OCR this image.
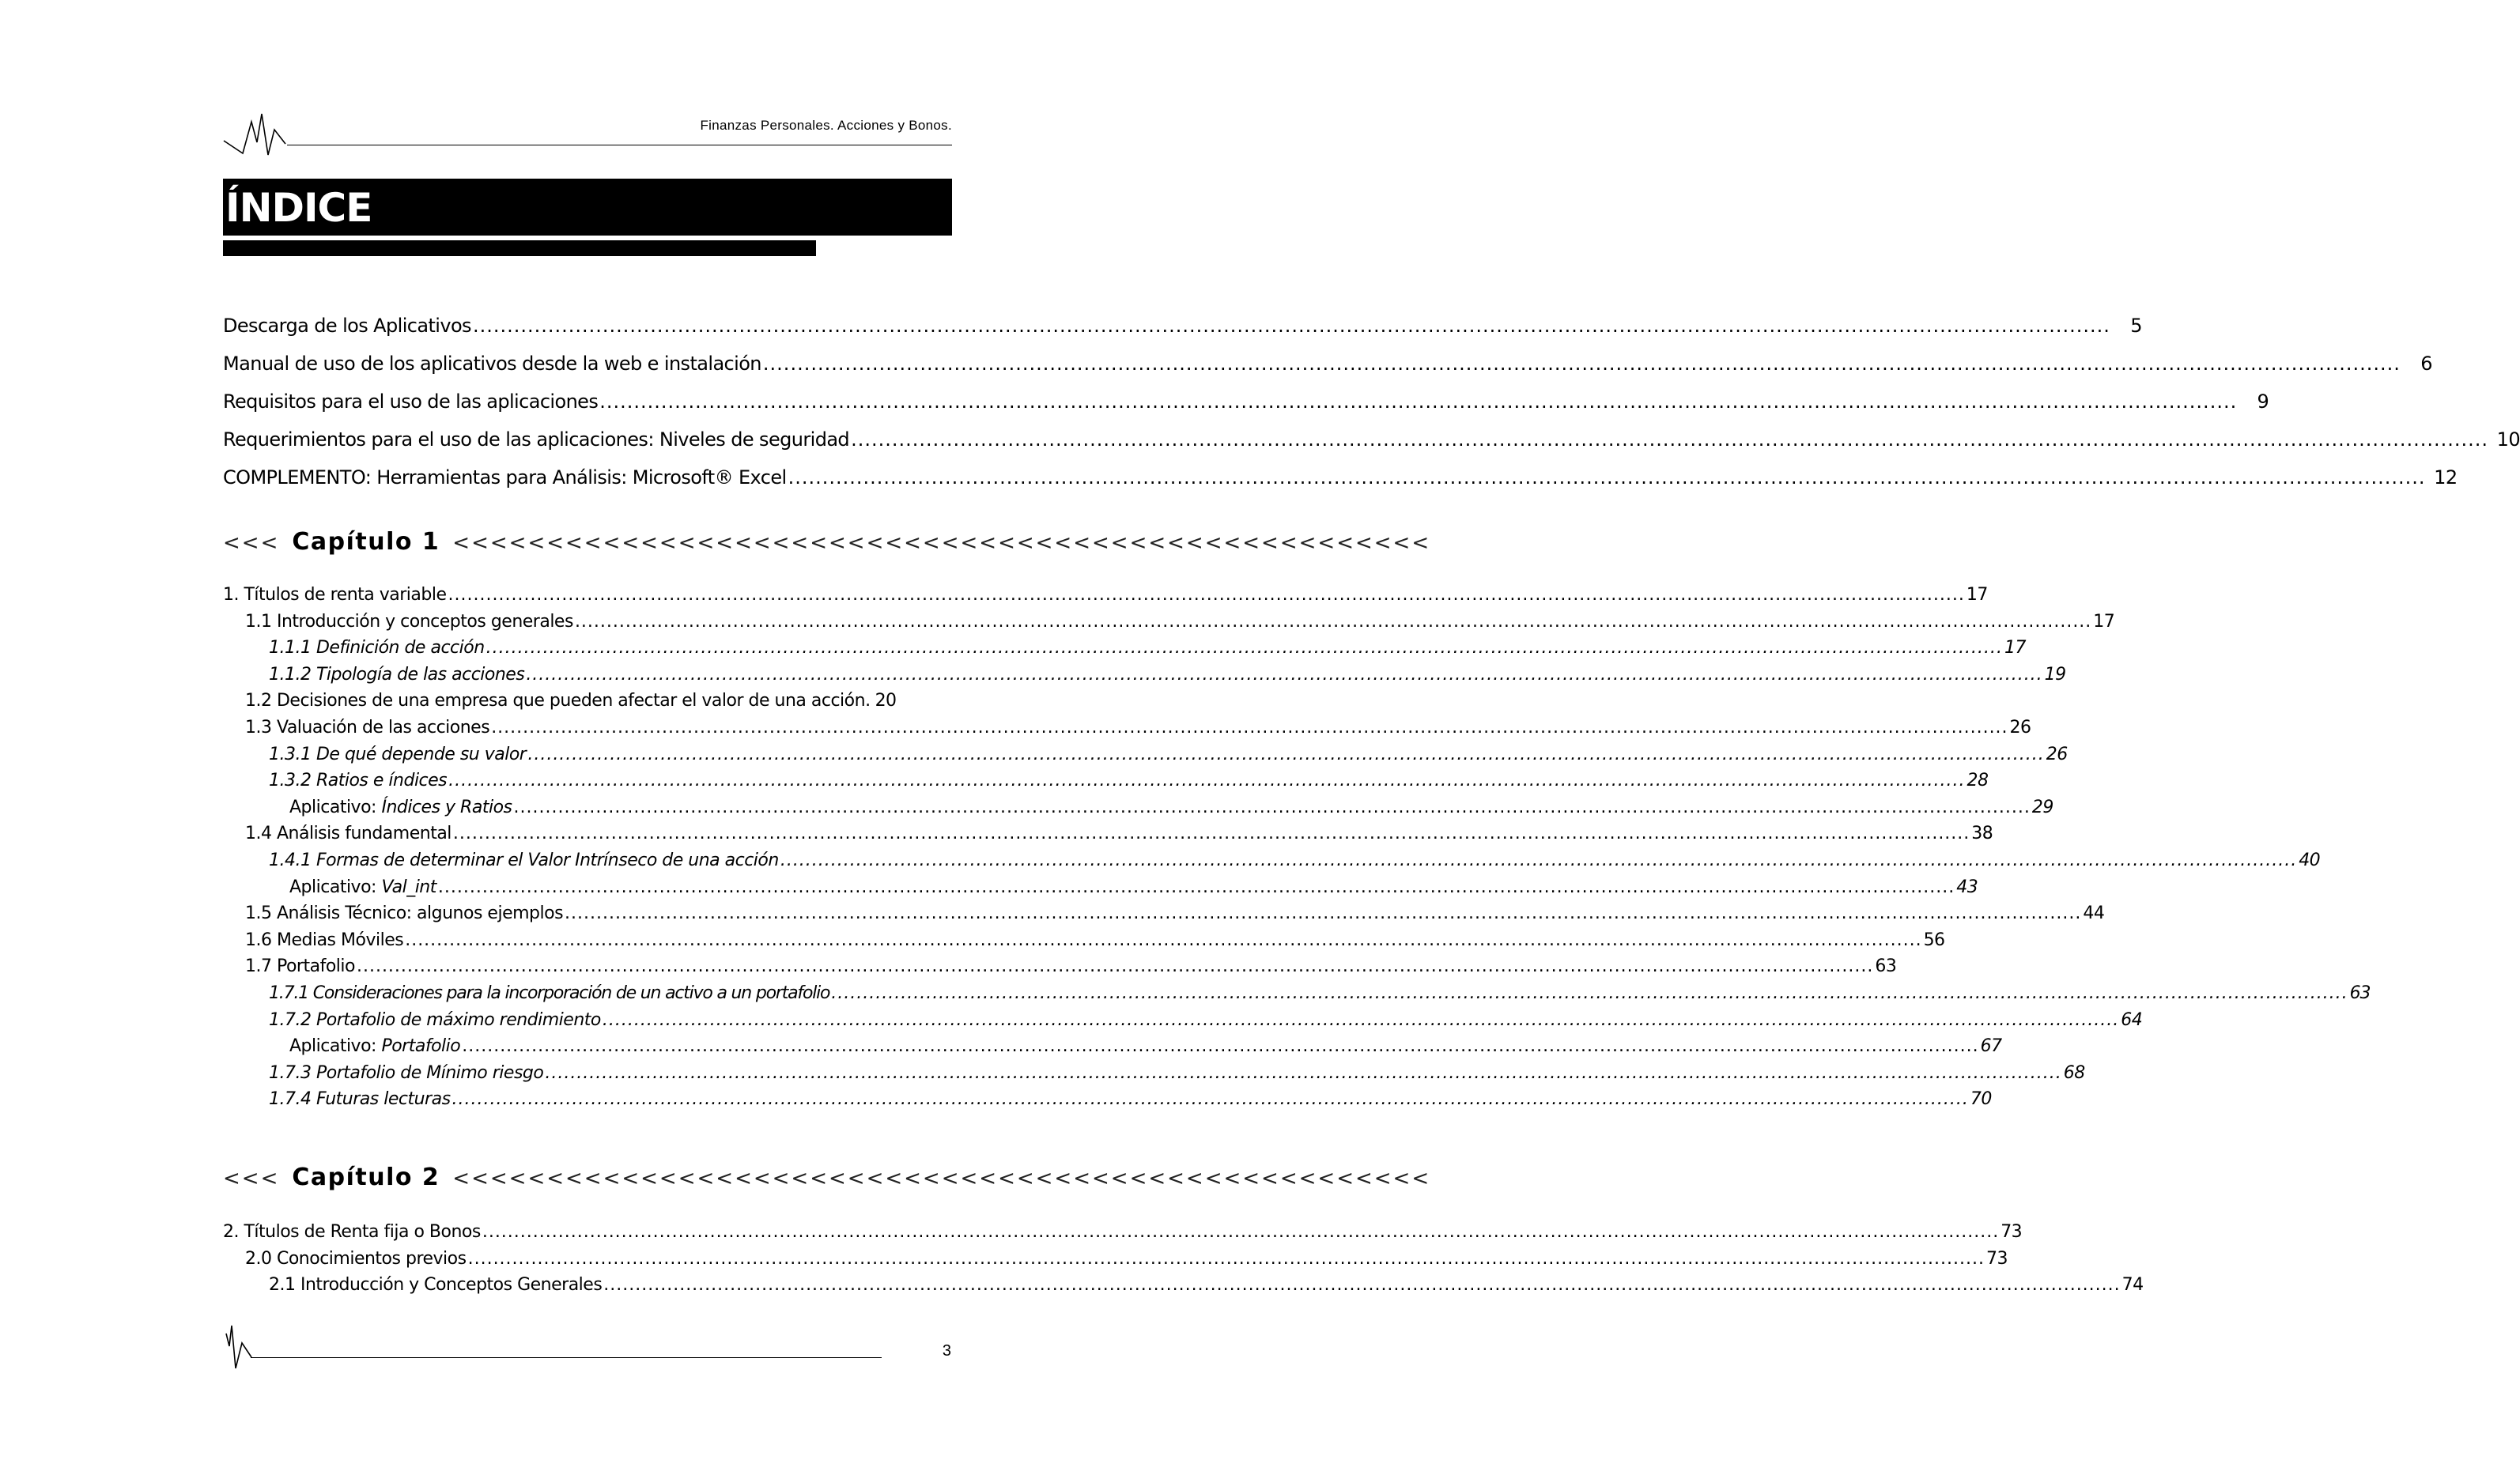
Finanzas Personales. Acciones y Bonos.
ÍNDICE
Descarga de los Aplicativos .....	5
Manual de uso de los aplicativos desde la web e instalación .....	6
Requisitos para el uso de las aplicaciones .....	9
Requerimientos para el uso de las aplicaciones: Niveles de seguridad .....	10
COMPLEMENTO: Herramientas para Análisis: Microsoft® Excel .....	12
<<< Capítulo 1 <<<<<<<<<<<<<<<<<<<<<<<<<<<<<<<<<<<<<<<<<<<<<<<<<<<<
1. Títulos de renta variable .....	17
1.1 Introducción y conceptos generales .....	17
1.1.1 Definición de acción .....	17
1.1.2 Tipología de las acciones .....	19
1.2 Decisiones de una empresa que pueden afectar el valor de una acción. 20
1.3 Valuación de las acciones .....	26
1.3.1 De qué depende su valor .....	26
1.3.2 Ratios e índices .....	28
Aplicativo: Índices y Ratios .....	29
1.4 Análisis fundamental .....	38
1.4.1 Formas de determinar el Valor Intrínseco de una acción .....	40
Aplicativo: Val_int .....	43
1.5 Análisis Técnico: algunos ejemplos .....	44
1.6 Medias Móviles .....	56
1.7 Portafolio .....	63
1.7.1 Consideraciones para la incorporación de un activo a un portafolio .....	63
1.7.2 Portafolio de máximo rendimiento .....	64
Aplicativo: Portafolio .....	67
1.7.3 Portafolio de Mínimo riesgo .....	68
1.7.4 Futuras lecturas .....	70
<<< Capítulo 2 <<<<<<<<<<<<<<<<<<<<<<<<<<<<<<<<<<<<<<<<<<<<<<<<<<<<
2. Títulos de Renta fija o Bonos .....	73
2.0 Conocimientos previos .....	73
2.1 Introducción y Conceptos Generales .....	74
3
